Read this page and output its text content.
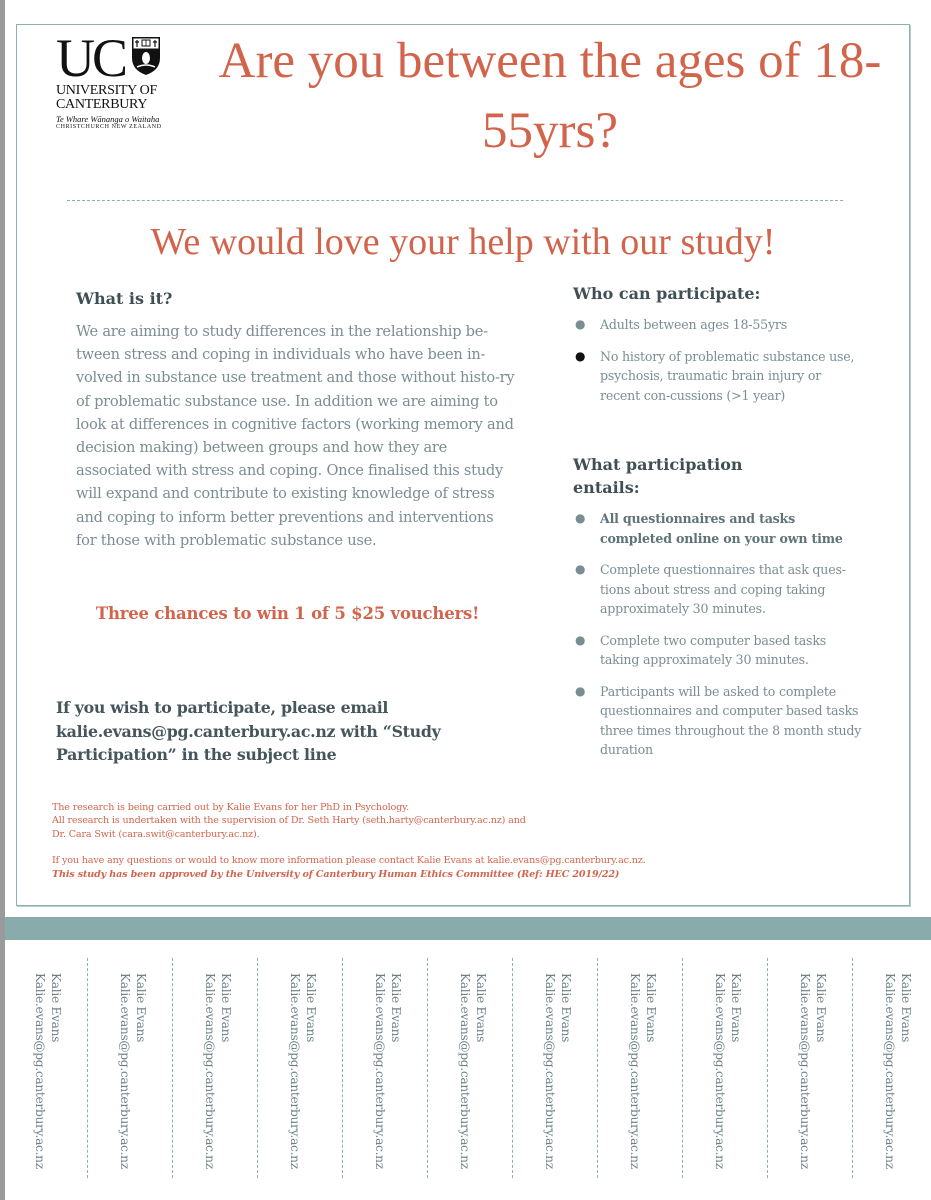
UC
UNIVERSITY OF
CANTERBURY
Te Whare Wānanga o Waitaha
CHRISTCHURCH NEW ZEALAND
Are you between the ages of 18-55yrs?
We would love your help with our study!
What is it?
We are aiming to study differences in the relationship be-tween stress and coping in individuals who have been in-volved in substance use treatment and those without histo-ry of problematic substance use. In addition we are aiming to look at differences in cognitive factors (working memory and decision making) between groups and how they are associated with stress and coping. Once finalised this study will expand and contribute to existing knowledge of stress and coping to inform better preventions and interventions for those with problematic substance use.
Three chances to win 1 of 5 $25 vouchers!
If you wish to participate, please email kalie.evans@pg.canterbury.ac.nz with “Study Participation” in the subject line
Who can participate:
● Adults between ages 18-55yrs
● No history of problematic substance use, psychosis, traumatic brain injury or recent con-cussions (>1 year)
What participation entails:
● All questionnaires and tasks completed online on your own time
● Complete questionnaires that ask ques-tions about stress and coping taking approximately 30 minutes.
● Complete two computer based tasks taking approximately 30 minutes.
● Participants will be asked to complete questionnaires and computer based tasks three times throughout the 8 month study duration
The research is being carried out by Kalie Evans for her PhD in Psychology.
All research is undertaken with the supervision of Dr. Seth Harty (seth.harty@canterbury.ac.nz) and
Dr. Cara Swit (cara.swit@canterbury.ac.nz).
If you have any questions or would to know more information please contact Kalie Evans at kalie.evans@pg.canterbury.ac.nz.
This study has been approved by the University of Canterbury Human Ethics Committee (Ref: HEC 2019/22)
Kalie Evans
Kalie.evans@pg.canterbury.ac.nz	Kalie Evans
Kalie.evans@pg.canterbury.ac.nz	Kalie Evans
Kalie.evans@pg.canterbury.ac.nz	Kalie Evans
Kalie.evans@pg.canterbury.ac.nz	Kalie Evans
Kalie.evans@pg.canterbury.ac.nz	Kalie Evans
Kalie.evans@pg.canterbury.ac.nz	Kalie Evans
Kalie.evans@pg.canterbury.ac.nz	Kalie Evans
Kalie.evans@pg.canterbury.ac.nz	Kalie Evans
Kalie.evans@pg.canterbury.ac.nz	Kalie Evans
Kalie.evans@pg.canterbury.ac.nz	Kalie Evans
Kalie.evans@pg.canterbury.ac.nz
